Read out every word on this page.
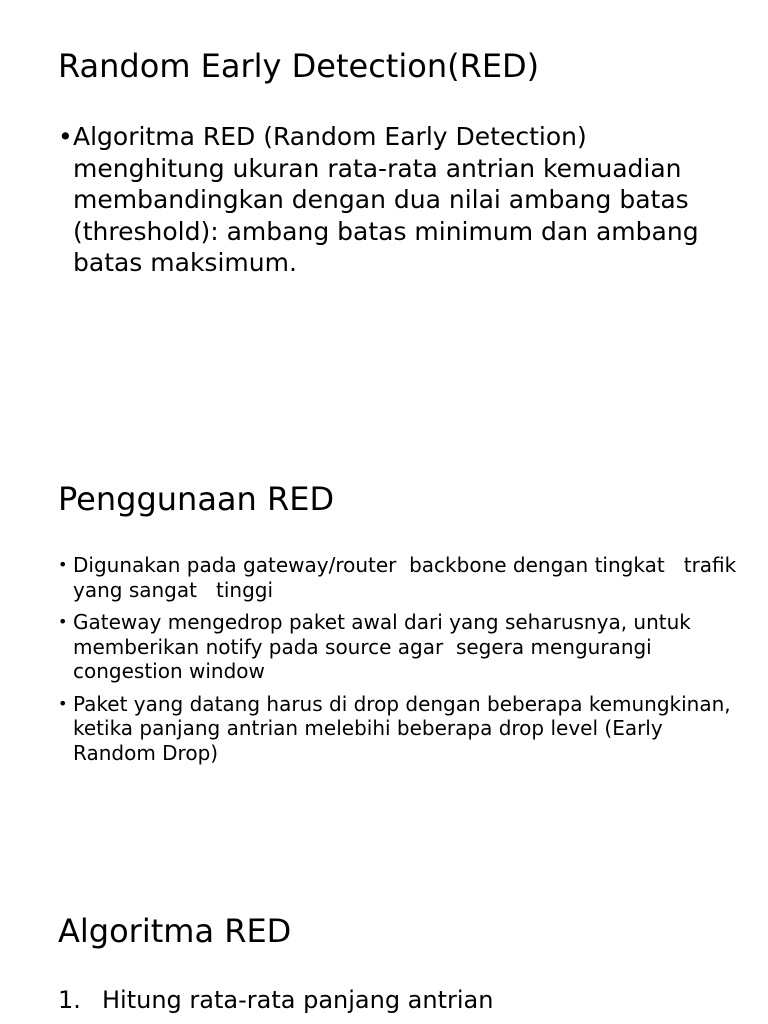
Random Early Detection(RED)
• Algoritma RED (Random Early Detection) menghitung ukuran rata-rata antrian kemuadian membandingkan dengan dua nilai ambang batas (threshold): ambang batas minimum dan ambang batas maksimum.
Penggunaan RED
• Digunakan pada gateway/router  backbone dengan tingkat   trafik yang sangat   tinggi
• Gateway mengedrop paket awal dari yang seharusnya, untuk memberikan notify pada source agar  segera mengurangi congestion window
• Paket yang datang harus di drop dengan beberapa kemungkinan, ketika panjang antrian melebihi beberapa drop level (Early Random Drop)
Algoritma RED
1. Hitung rata-rata panjang antrian
